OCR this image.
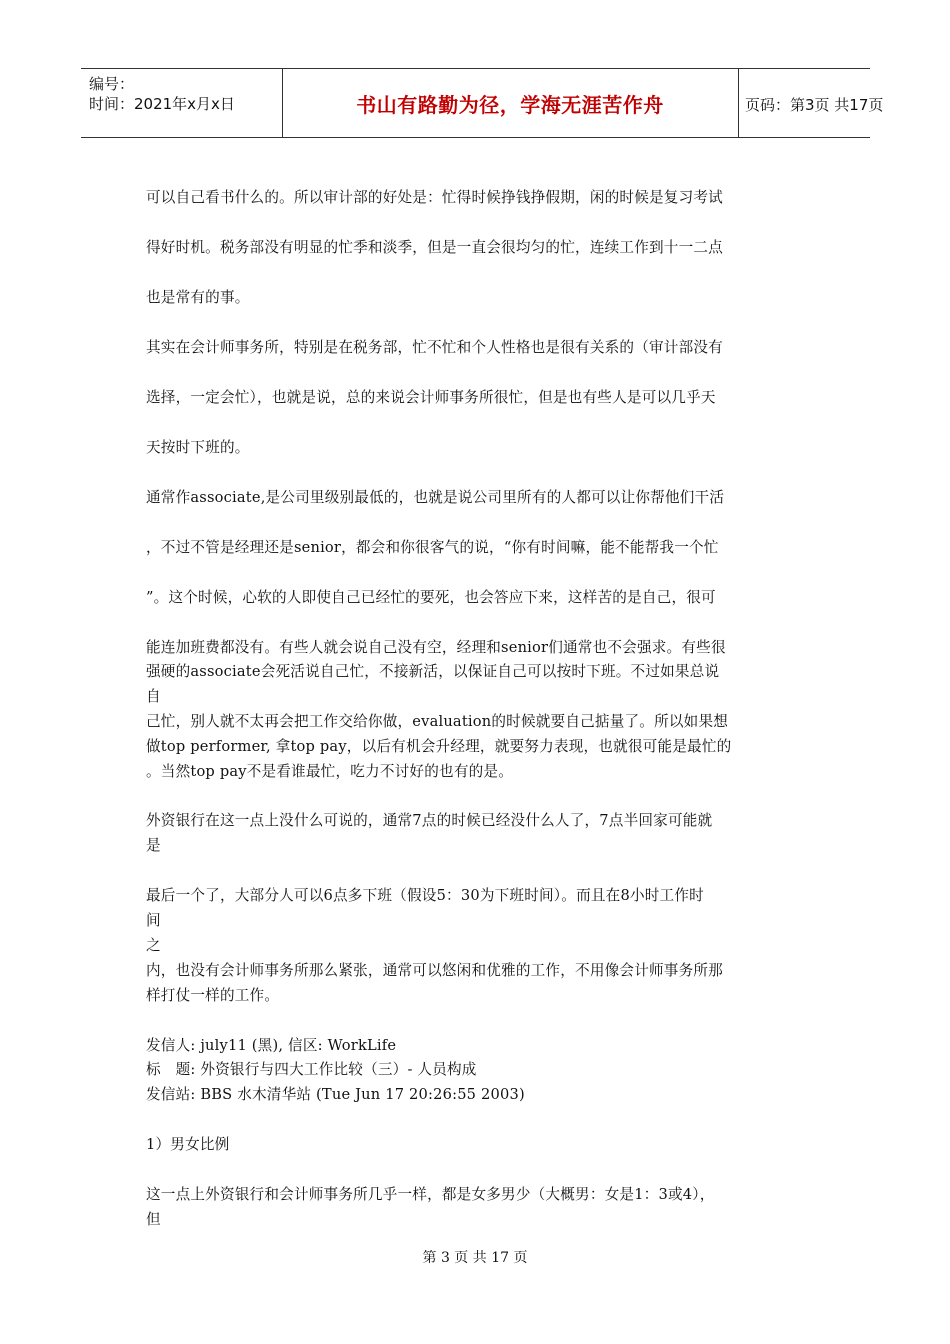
编号：
时间：2021年x月x日	书山有路勤为径，学海无涯苦作舟	页码：第3页 共17页
可以自己看书什么的。所以审计部的好处是：忙得时候挣钱挣假期，闲的时候是复习考试
得好时机。税务部没有明显的忙季和淡季，但是一直会很均匀的忙，连续工作到十一二点
也是常有的事。
其实在会计师事务所，特别是在税务部，忙不忙和个人性格也是很有关系的（审计部没有
选择，一定会忙），也就是说，总的来说会计师事务所很忙，但是也有些人是可以几乎天
天按时下班的。
通常作associate,是公司里级别最低的，也就是说公司里所有的人都可以让你帮他们干活
，不过不管是经理还是senior，都会和你很客气的说，“你有时间嘛，能不能帮我一个忙
”。这个时候，心软的人即使自己已经忙的要死，也会答应下来，这样苦的是自己，很可
能连加班费都没有。有些人就会说自己没有空，经理和senior们通常也不会强求。有些很
强硬的associate会死活说自己忙，不接新活，以保证自己可以按时下班。不过如果总说
自
己忙，别人就不太再会把工作交给你做，evaluation的时候就要自己掂量了。所以如果想
做top performer, 拿top pay，以后有机会升经理，就要努力表现，也就很可能是最忙的
。当然top pay不是看谁最忙，吃力不讨好的也有的是。
外资银行在这一点上没什么可说的，通常7点的时候已经没什么人了，7点半回家可能就
是
最后一个了，大部分人可以6点多下班（假设5：30为下班时间）。而且在8小时工作时
间
之
内，也没有会计师事务所那么紧张，通常可以悠闲和优雅的工作，不用像会计师事务所那
样打仗一样的工作。
发信人: july11 (黑), 信区: WorkLife
标　题: 外资银行与四大工作比较（三）- 人员构成
发信站: BBS 水木清华站 (Tue Jun 17 20:26:55 2003)
1）男女比例
这一点上外资银行和会计师事务所几乎一样，都是女多男少（大概男：女是1：3或4），
但
第 3 页 共 17 页
